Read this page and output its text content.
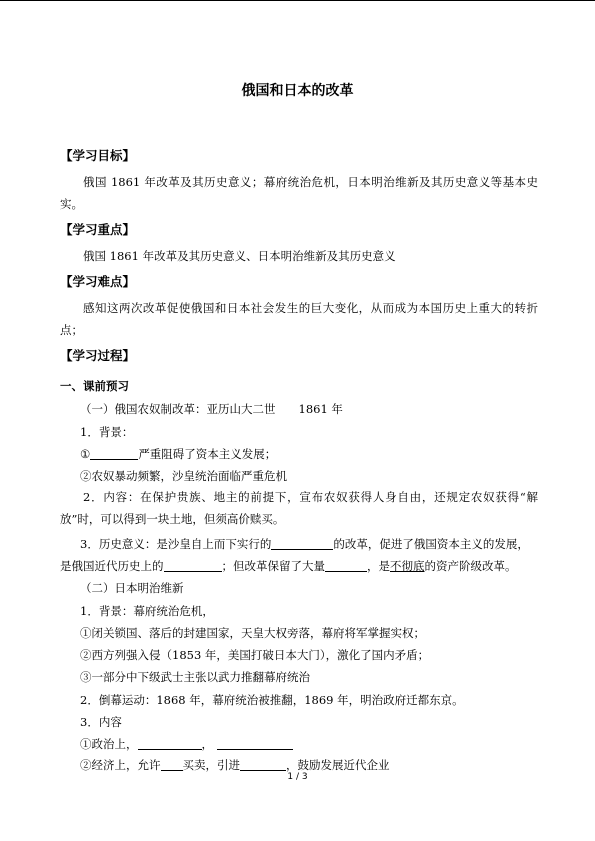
俄国和日本的改革
【学习目标】
俄国 1861 年改革及其历史意义；幕府统治危机，日本明治维新及其历史意义等基本史实。
【学习重点】
俄国 1861 年改革及其历史意义、日本明治维新及其历史意义
【学习难点】
感知这两次改革促使俄国和日本社会发生的巨大变化，从而成为本国历史上重大的转折点；
【学习过程】
一、课前预习
（一）俄国农奴制改革：亚历山大二世　　1861 年
1．背景：
①	严重阻碍了资本主义发展；
②农奴暴动频繁，沙皇统治面临严重危机
2．内容：在保护贵族、地主的前提下，宣布农奴获得人身自由，还规定农奴获得“解放”时，可以得到一块土地，但须高价赎买。
3．历史意义：是沙皇自上而下实行的	的改革，促进了俄国资本主义的发展，
是俄国近代历史上的	；但改革保留了大量	，是不彻底的资产阶级改革。
（二）日本明治维新
1．背景：幕府统治危机，
①闭关锁国、落后的封建国家，天皇大权旁落，幕府将军掌握实权；
②西方列强入侵（1853 年，美国打破日本大门），激化了国内矛盾；
③一部分中下级武士主张以武力推翻幕府统治
2．倒幕运动：1868 年，幕府统治被推翻，1869 年，明治政府迁都东京。
3．内容
①政治上，	，
②经济上，允许 买卖，引进	，鼓励发展近代企业
1 / 3
